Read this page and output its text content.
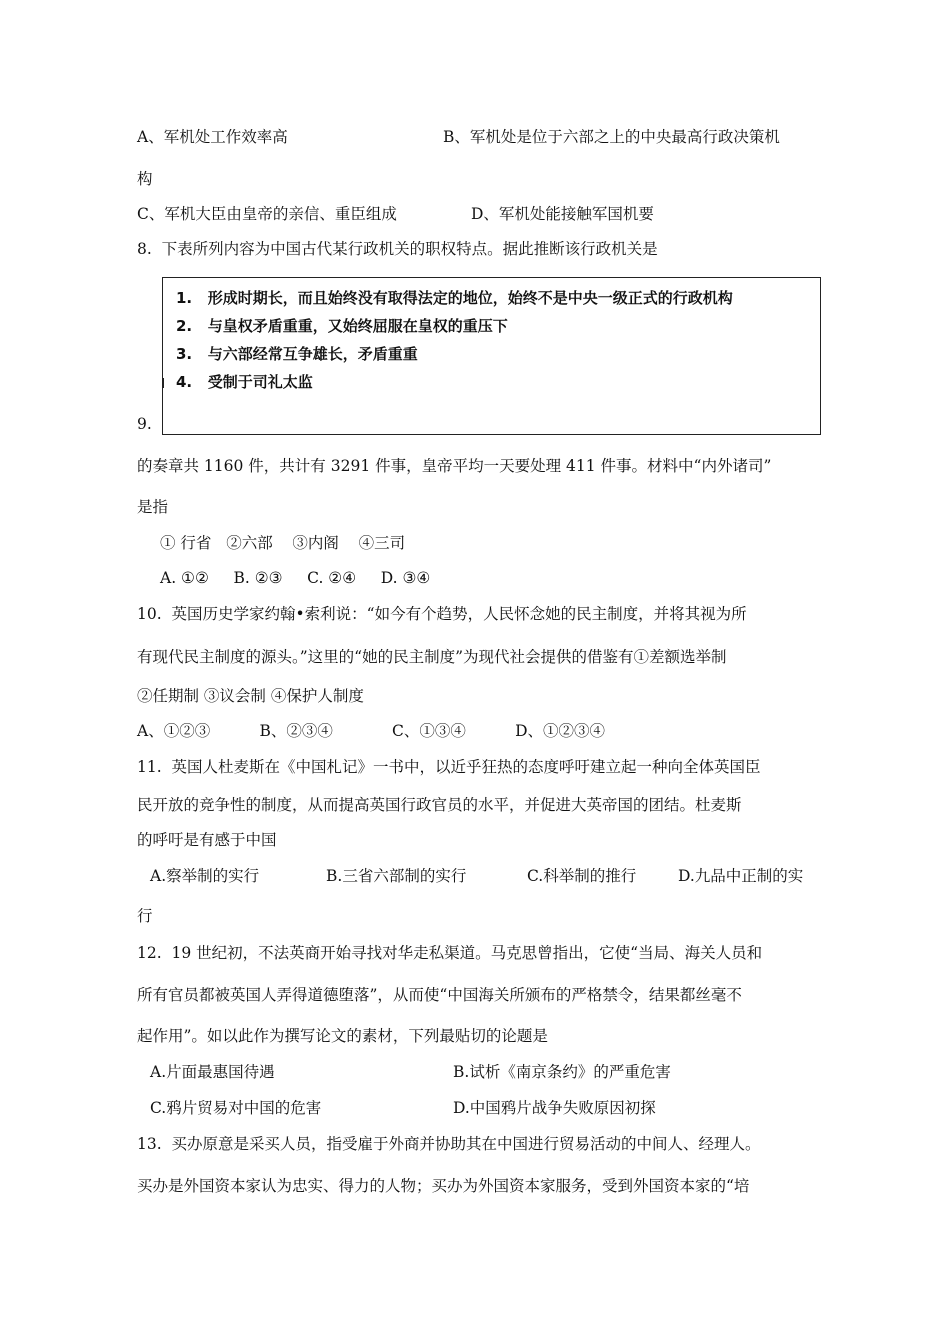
A、军机处工作效率高	B、军机处是位于六部之上的中央最高行政决策机
构
C、军机大臣由皇帝的亲信、重臣组成	D、军机处能接触军国机要
8.  下表所列内容为中国古代某行政机关的职权特点。据此推断该行政机关是
1.   形成时期长，而且始终没有取得法定的地位，始终不是中央一级正式的行政机构
2.   与皇权矛盾重重，又始终屈服在皇权的重压下
3.   与六部经常互争雄长，矛盾重重
4.   受制于司礼太监
9.
的奏章共 1160 件，共计有 3291 件事，皇帝平均一天要处理 411 件事。材料中“内外诸司”
是指
① 行省   ②六部    ③内阁    ④三司
A. ①②     B. ②③     C. ②④     D. ③④
10.  英国历史学家约翰•索利说：“如今有个趋势，人民怀念她的民主制度，并将其视为所
有现代民主制度的源头。”这里的“她的民主制度”为现代社会提供的借鉴有①差额选举制
②任期制 ③议会制 ④保护人制度
A、①②③          B、②③④            C、①③④          D、①②③④
11.  英国人杜麦斯在《中国札记》一书中，以近乎狂热的态度呼吁建立起一种向全体英国臣
民开放的竞争性的制度，从而提高英国行政官员的水平，并促进大英帝国的团结。杜麦斯
的呼吁是有感于中国
A.察举制的实行	B.三省六部制的实行	C.科举制的推行	D.九品中正制的实
行
12.  19 世纪初，不法英商开始寻找对华走私渠道。马克思曾指出，它使“当局、海关人员和
所有官员都被英国人弄得道德堕落”，从而使“中国海关所颁布的严格禁令，结果都丝毫不
起作用”。如以此作为撰写论文的素材，下列最贴切的论题是
A.片面最惠国待遇	B.试析《南京条约》的严重危害
C.鸦片贸易对中国的危害	D.中国鸦片战争失败原因初探
13.  买办原意是采买人员，指受雇于外商并协助其在中国进行贸易活动的中间人、经理人。
买办是外国资本家认为忠实、得力的人物；买办为外国资本家服务，受到外国资本家的“培
